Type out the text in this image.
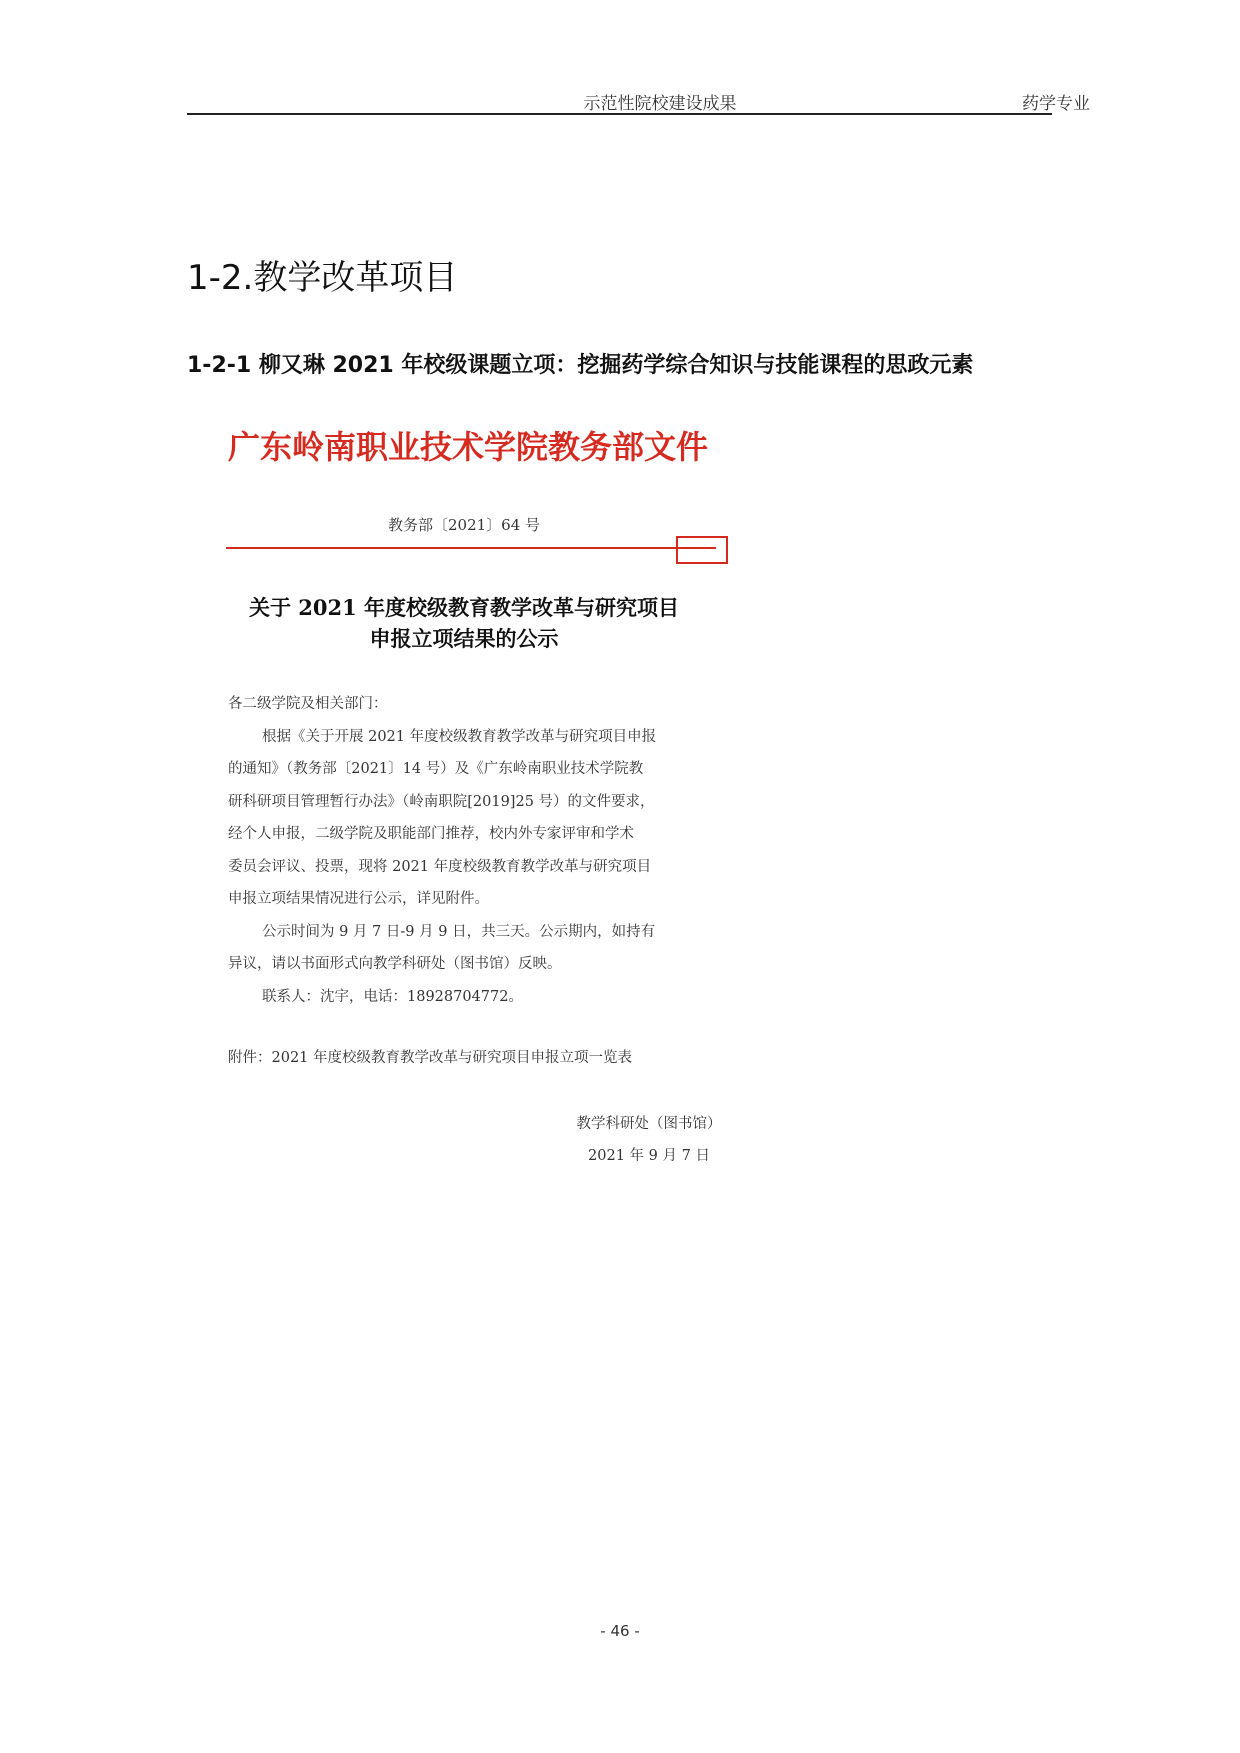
示范性院校建设成果	药学专业
1-2.教学改革项目
1-2-1 柳又琳 2021 年校级课题立项：挖掘药学综合知识与技能课程的思政元素
广东岭南职业技术学院教务部文件
教务部〔2021〕64 号
关于 2021 年度校级教育教学改革与研究项目
申报立项结果的公示

各二级学院及相关部门：

根据《关于开展 2021 年度校级教育教学改革与研究项目申报

的通知》（教务部〔2021〕14 号）及《广东岭南职业技术学院教

研科研项目管理暂行办法》（岭南职院[2019]25 号）的文件要求，

经个人申报，二级学院及职能部门推荐，校内外专家评审和学术

委员会评议、投票，现将 2021 年度校级教育教学改革与研究项目

申报立项结果情况进行公示，详见附件。

公示时间为 9 月 7 日-9 月 9 日，共三天。公示期内，如持有

异议，请以书面形式向教学科研处（图书馆）反映。

联系人：沈宇，电话：18928704772。

附件：2021 年度校级教育教学改革与研究项目申报立项一览表
教学科研处（图书馆）
2021 年 9 月 7 日
- 46 -
